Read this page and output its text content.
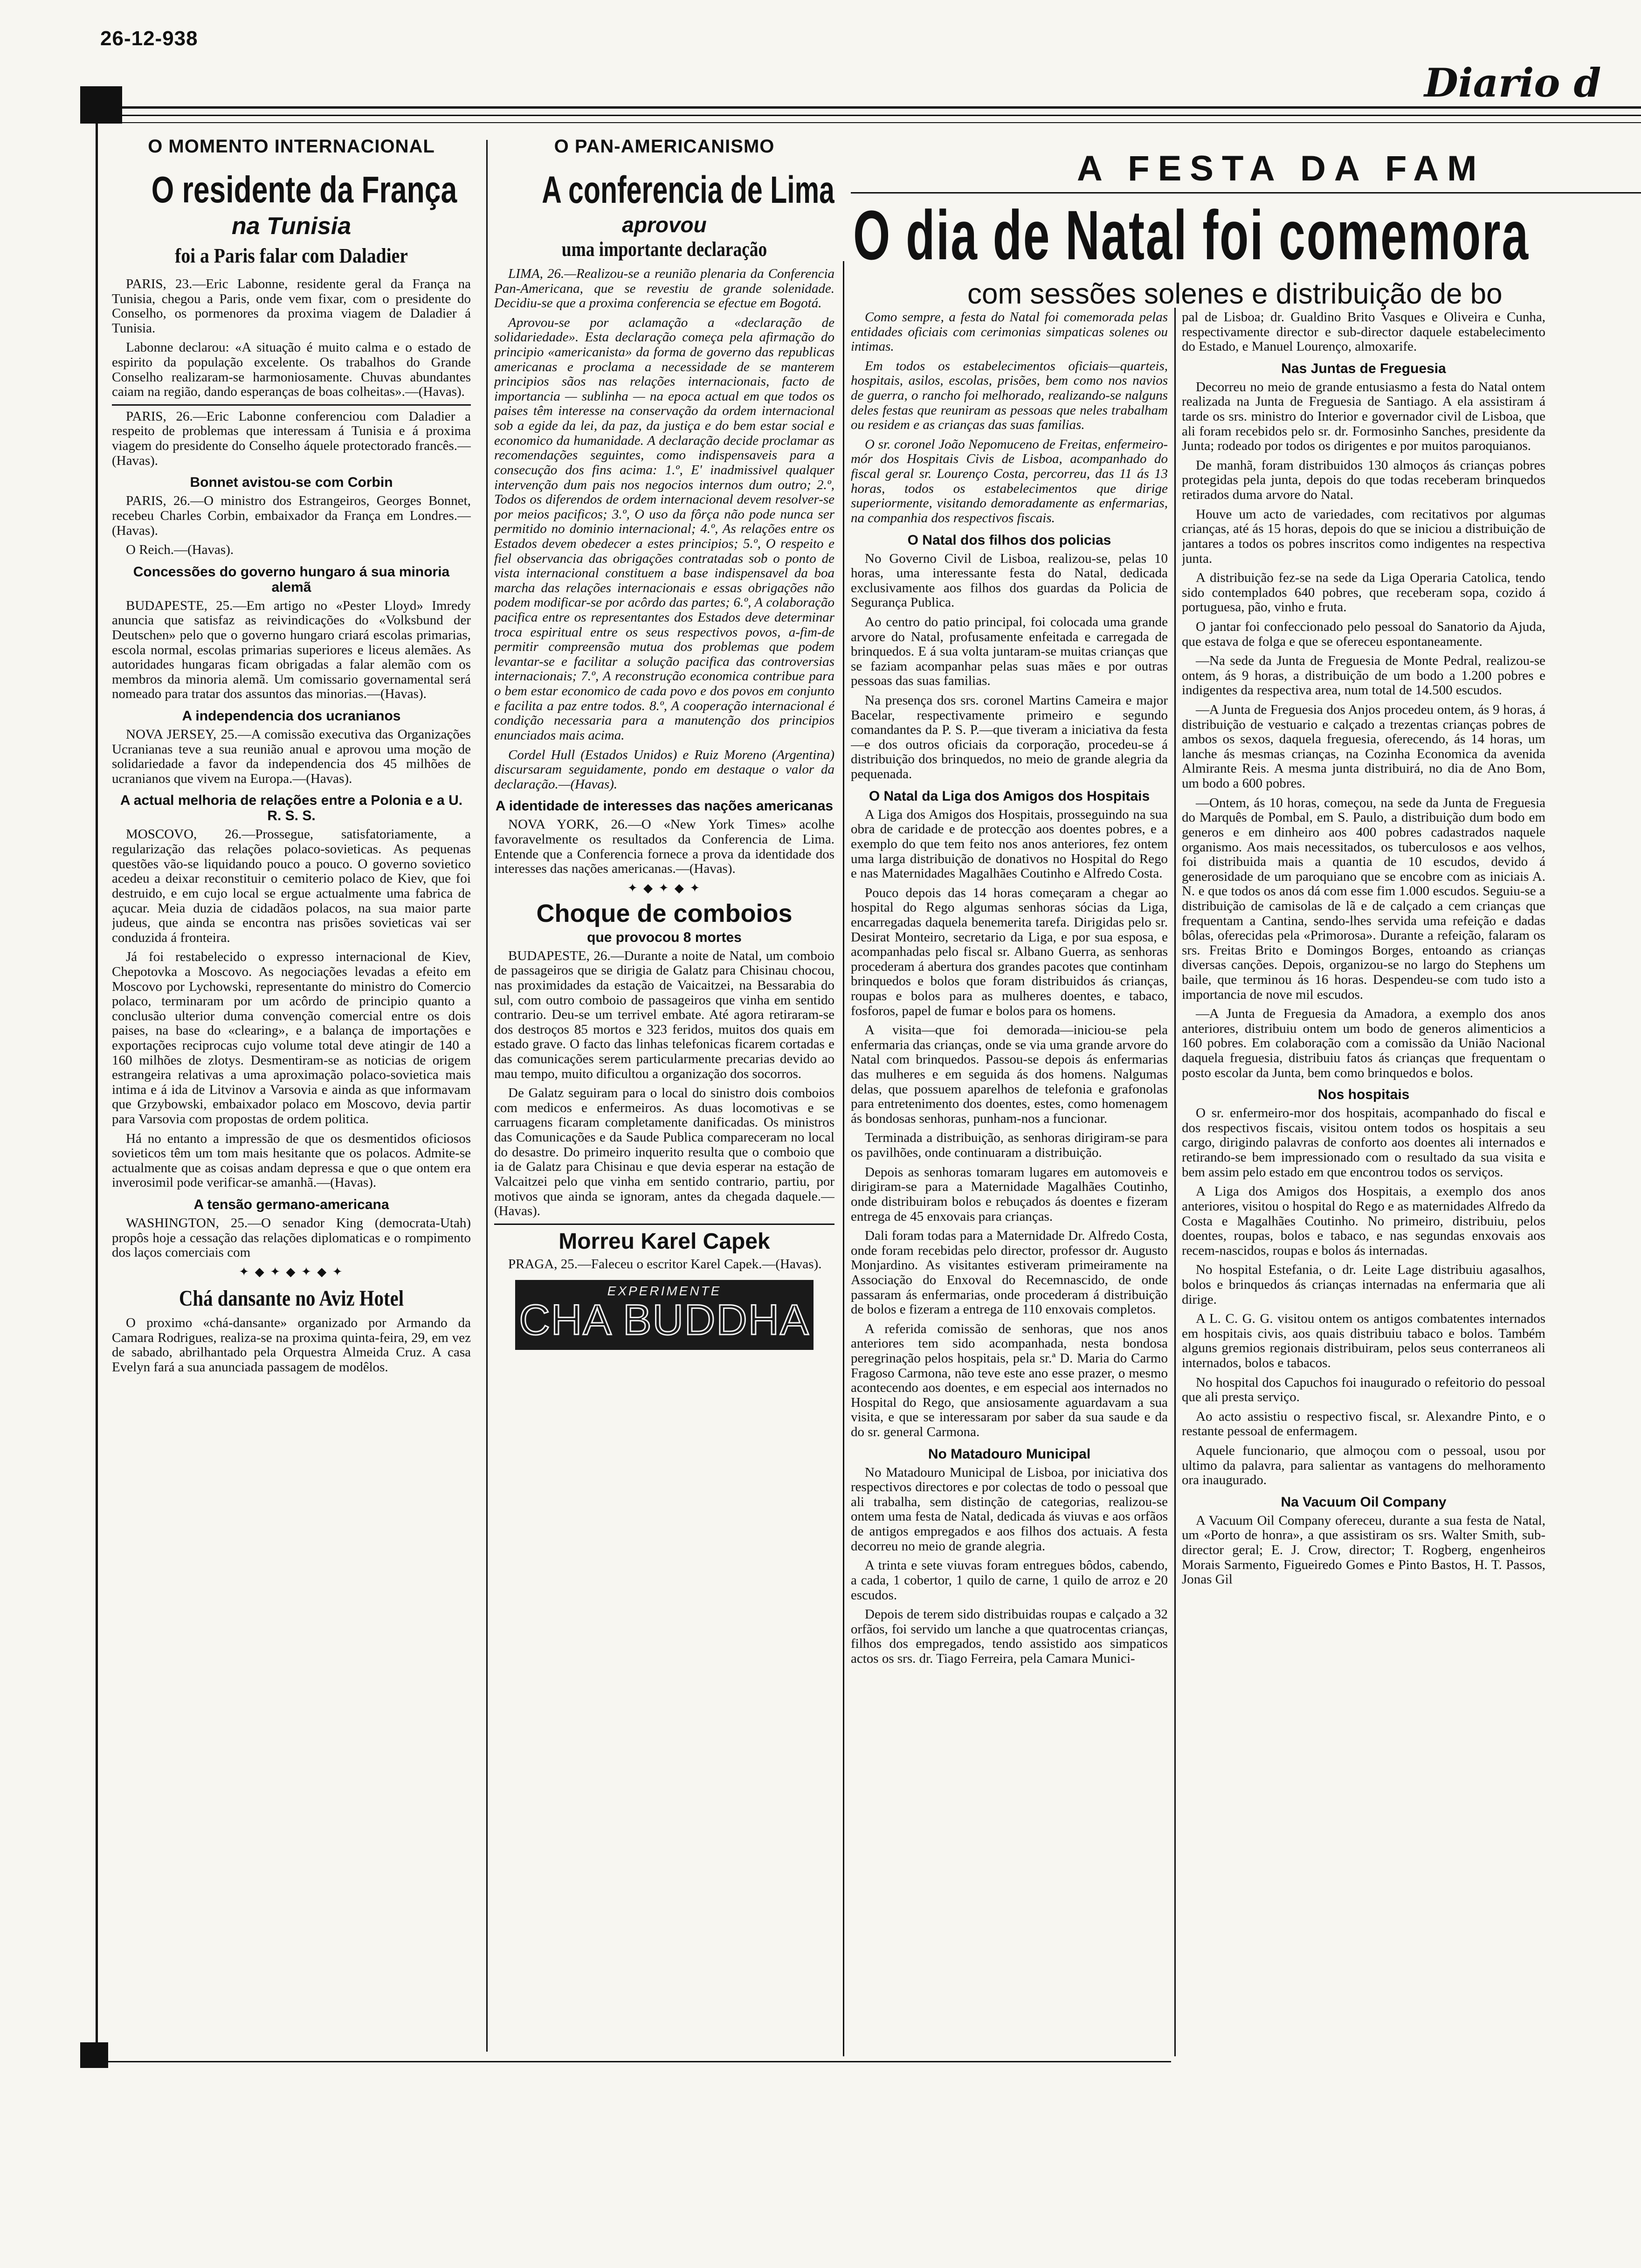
26-12-938
Diario d
O MOMENTO INTERNACIONAL
O residente da França
na Tunisia
foi a Paris falar com Daladier

PARIS, 23.—Eric Labonne, residente geral da França na Tunisia, chegou a Paris, onde vem fixar, com o presidente do Conselho, os pormenores da proxima viagem de Daladier á Tunisia.

Labonne declarou: «A situação é muito calma e o estado de espirito da população excelente. Os trabalhos do Grande Conselho realizaram-se harmoniosamente. Chuvas abundantes caiam na região, dando esperanças de boas colheitas».—(Havas).

PARIS, 26.—Eric Labonne conferenciou com Daladier a respeito de problemas que interessam á Tunisia e á proxima viagem do presidente do Conselho áquele protectorado francês.—(Havas).

Bonnet avistou-se com Corbin

PARIS, 26.—O ministro dos Estrangeiros, Georges Bonnet, recebeu Charles Corbin, embaixador da França em Londres.—(Havas).

O Reich.—(Havas).

Concessões do governo hungaro á sua minoria alemã

BUDAPESTE, 25.—Em artigo no «Pester Lloyd» Imredy anuncia que satisfaz as reivindicações do «Volksbund der Deutschen» pelo que o governo hungaro criará escolas primarias, escola normal, escolas primarias superiores e liceus alemães. As autoridades hungaras ficam obrigadas a falar alemão com os membros da minoria alemã. Um comissario governamental será nomeado para tratar dos assuntos das minorias.—(Havas).

A independencia dos ucranianos

NOVA JERSEY, 25.—A comissão executiva das Organizações Ucranianas teve a sua reunião anual e aprovou uma moção de solidariedade a favor da independencia dos 45 milhões de ucranianos que vivem na Europa.—(Havas).

A actual melhoria de relações entre a Polonia e a U. R. S. S.

MOSCOVO, 26.—Prossegue, satisfatoriamente, a regularização das relações polaco-sovieticas. As pequenas questões vão-se liquidando pouco a pouco. O governo sovietico acedeu a deixar reconstituir o cemiterio polaco de Kiev, que foi destruido, e em cujo local se ergue actualmente uma fabrica de açucar. Meia duzia de cidadãos polacos, na sua maior parte judeus, que ainda se encontra nas prisões sovieticas vai ser conduzida á fronteira.

Já foi restabelecido o expresso internacional de Kiev, Chepotovka a Moscovo. As negociações levadas a efeito em Moscovo por Lychowski, representante do ministro do Comercio polaco, terminaram por um acôrdo de principio quanto a conclusão ulterior duma convenção comercial entre os dois paises, na base do «clearing», e a balança de importações e exportações reciprocas cujo volume total deve atingir de 140 a 160 milhões de zlotys. Desmentiram-se as noticias de origem estrangeira relativas a uma aproximação polaco-sovietica mais intima e á ida de Litvinov a Varsovia e ainda as que informavam que Grzybowski, embaixador polaco em Moscovo, devia partir para Varsovia com propostas de ordem politica.

Há no entanto a impressão de que os desmentidos oficiosos sovieticos têm um tom mais hesitante que os polacos. Admite-se actualmente que as coisas andam depressa e que o que ontem era inverosimil pode verificar-se amanhã.—(Havas).

A tensão germano-americana

WASHINGTON, 25.—O senador King (democrata-Utah) propôs hoje a cessação das relações diplomaticas e o rompimento dos laços comerciais com

✦ ◆ ✦ ◆ ✦ ◆ ✦
Chá dansante no Aviz Hotel

O proximo «chá-dansante» organizado por Armando da Camara Rodrigues, realiza-se na proxima quinta-feira, 29, em vez de sabado, abrilhantado pela Orquestra Almeida Cruz. A casa Evelyn fará a sua anunciada passagem de modêlos.

O PAN-AMERICANISMO
A conferencia de Lima
aprovou
uma importante declaração

LIMA, 26.—Realizou-se a reunião plenaria da Conferencia Pan-Americana, que se revestiu de grande solenidade. Decidiu-se que a proxima conferencia se efectue em Bogotá.

Aprovou-se por aclamação a «declaração de solidariedade». Esta declaração começa pela afirmação do principio «americanista» da forma de governo das republicas americanas e proclama a necessidade de se manterem principios sãos nas relações internacionais, facto de importancia — sublinha — na epoca actual em que todos os paises têm interesse na conservação da ordem internacional sob a egide da lei, da paz, da justiça e do bem estar social e economico da humanidade. A declaração decide proclamar as recomendações seguintes, como indispensaveis para a consecução dos fins acima: 1.º, E' inadmissivel qualquer intervenção dum pais nos negocios internos dum outro; 2.º, Todos os diferendos de ordem internacional devem resolver-se por meios pacificos; 3.º, O uso da fôrça não pode nunca ser permitido no dominio internacional; 4.º, As relações entre os Estados devem obedecer a estes principios; 5.º, O respeito e fiel observancia das obrigações contratadas sob o ponto de vista internacional constituem a base indispensavel da boa marcha das relações internacionais e essas obrigações não podem modificar-se por acôrdo das partes; 6.º, A colaboração pacifica entre os representantes dos Estados deve determinar troca espiritual entre os seus respectivos povos, a-fim-de permitir compreensão mutua dos problemas que podem levantar-se e facilitar a solução pacifica das controversias internacionais; 7.º, A reconstrução economica contribue para o bem estar economico de cada povo e dos povos em conjunto e facilita a paz entre todos. 8.º, A cooperação internacional é condição necessaria para a manutenção dos principios enunciados mais acima.

Cordel Hull (Estados Unidos) e Ruiz Moreno (Argentina) discursaram seguidamente, pondo em destaque o valor da declaração.—(Havas).

A identidade de interesses das nações americanas

NOVA YORK, 26.—O «New York Times» acolhe favoravelmente os resultados da Conferencia de Lima. Entende que a Conferencia fornece a prova da identidade dos interesses das nações americanas.—(Havas).

✦ ◆ ✦ ◆ ✦
Choque de comboios
que provocou 8 mortes

BUDAPESTE, 26.—Durante a noite de Natal, um comboio de passageiros que se dirigia de Galatz para Chisinau chocou, nas proximidades da estação de Vaicaitzei, na Bessarabia do sul, com outro comboio de passageiros que vinha em sentido contrario. Deu-se um terrivel embate. Até agora retiraram-se dos destroços 85 mortos e 323 feridos, muitos dos quais em estado grave. O facto das linhas telefonicas ficarem cortadas e das comunicações serem particularmente precarias devido ao mau tempo, muito dificultou a organização dos socorros.

De Galatz seguiram para o local do sinistro dois comboios com medicos e enfermeiros. As duas locomotivas e se carruagens ficaram completamente danificadas. Os ministros das Comunicações e da Saude Publica compareceram no local do desastre. Do primeiro inquerito resulta que o comboio que ia de Galatz para Chisinau e que devia esperar na estação de Valcaitzei pelo que vinha em sentido contrario, partiu, por motivos que ainda se ignoram, antes da chegada daquele.—(Havas).

Morreu Karel Capek

PRAGA, 25.—Faleceu o escritor Karel Capek.—(Havas).

EXPERIMENTE
CHA BUDDHA
A FESTA DA FAM
O dia de Natal foi comemora
com sessões solenes e distribuição de bo

Como sempre, a festa do Natal foi comemorada pelas entidades oficiais com cerimonias simpaticas solenes ou intimas.

Em todos os estabelecimentos oficiais—quarteis, hospitais, asilos, escolas, prisões, bem como nos navios de guerra, o rancho foi melhorado, realizando-se nalguns deles festas que reuniram as pessoas que neles trabalham ou residem e as crianças das suas familias.

O sr. coronel João Nepomuceno de Freitas, enfermeiro-mór dos Hospitais Civis de Lisboa, acompanhado do fiscal geral sr. Lourenço Costa, percorreu, das 11 ás 13 horas, todos os estabelecimentos que dirige superiormente, visitando demoradamente as enfermarias, na companhia dos respectivos fiscais.

O Natal dos filhos dos policias

No Governo Civil de Lisboa, realizou-se, pelas 10 horas, uma interessante festa do Natal, dedicada exclusivamente aos filhos dos guardas da Policia de Segurança Publica.

Ao centro do patio principal, foi colocada uma grande arvore do Natal, profusamente enfeitada e carregada de brinquedos. E á sua volta juntaram-se muitas crianças que se faziam acompanhar pelas suas mães e por outras pessoas das suas familias.

Na presença dos srs. coronel Martins Cameira e major Bacelar, respectivamente primeiro e segundo comandantes da P. S. P.—que tiveram a iniciativa da festa—e dos outros oficiais da corporação, procedeu-se á distribuição dos brinquedos, no meio de grande alegria da pequenada.

O Natal da Liga dos Amigos dos Hospitais

A Liga dos Amigos dos Hospitais, prosseguindo na sua obra de caridade e de protecção aos doentes pobres, e a exemplo do que tem feito nos anos anteriores, fez ontem uma larga distribuição de donativos no Hospital do Rego e nas Maternidades Magalhães Coutinho e Alfredo Costa.

Pouco depois das 14 horas começaram a chegar ao hospital do Rego algumas senhoras sócias da Liga, encarregadas daquela benemerita tarefa. Dirigidas pelo sr. Desirat Monteiro, secretario da Liga, e por sua esposa, e acompanhadas pelo fiscal sr. Albano Guerra, as senhoras procederam á abertura dos grandes pacotes que continham brinquedos e bolos que foram distribuidos ás crianças, roupas e bolos para as mulheres doentes, e tabaco, fosforos, papel de fumar e bolos para os homens.

A visita—que foi demorada—iniciou-se pela enfermaria das crianças, onde se via uma grande arvore do Natal com brinquedos. Passou-se depois ás enfermarias das mulheres e em seguida ás dos homens. Nalgumas delas, que possuem aparelhos de telefonia e grafonolas para entretenimento dos doentes, estes, como homenagem ás bondosas senhoras, punham-nos a funcionar.

Terminada a distribuição, as senhoras dirigiram-se para os pavilhões, onde continuaram a distribuição.

Depois as senhoras tomaram lugares em automoveis e dirigiram-se para a Maternidade Magalhães Coutinho, onde distribuiram bolos e rebuçados ás doentes e fizeram entrega de 45 enxovais para crianças.

Dali foram todas para a Maternidade Dr. Alfredo Costa, onde foram recebidas pelo director, professor dr. Augusto Monjardino. As visitantes estiveram primeiramente na Associação do Enxoval do Recemnascido, de onde passaram ás enfermarias, onde procederam á distribuição de bolos e fizeram a entrega de 110 enxovais completos.

A referida comissão de senhoras, que nos anos anteriores tem sido acompanhada, nesta bondosa peregrinação pelos hospitais, pela sr.ª D. Maria do Carmo Fragoso Carmona, não teve este ano esse prazer, o mesmo acontecendo aos doentes, e em especial aos internados no Hospital do Rego, que ansiosamente aguardavam a sua visita, e que se interessaram por saber da sua saude e da do sr. general Carmona.

No Matadouro Municipal

No Matadouro Municipal de Lisboa, por iniciativa dos respectivos directores e por colectas de todo o pessoal que ali trabalha, sem distinção de categorias, realizou-se ontem uma festa de Natal, dedicada ás viuvas e aos orfãos de antigos empregados e aos filhos dos actuais. A festa decorreu no meio de grande alegria.

A trinta e sete viuvas foram entregues bôdos, cabendo, a cada, 1 cobertor, 1 quilo de carne, 1 quilo de arroz e 20 escudos.

Depois de terem sido distribuidas roupas e calçado a 32 orfãos, foi servido um lanche a que quatrocentas crianças, filhos dos empregados, tendo assistido aos simpaticos actos os srs. dr. Tiago Ferreira, pela Camara Munici-

pal de Lisboa; dr. Gualdino Brito Vasques e Oliveira e Cunha, respectivamente director e sub-director daquele estabelecimento do Estado, e Manuel Lourenço, almoxarife.

Nas Juntas de Freguesia

Decorreu no meio de grande entusiasmo a festa do Natal ontem realizada na Junta de Freguesia de Santiago. A ela assistiram á tarde os srs. ministro do Interior e governador civil de Lisboa, que ali foram recebidos pelo sr. dr. Formosinho Sanches, presidente da Junta; rodeado por todos os dirigentes e por muitos paroquianos.

De manhã, foram distribuidos 130 almoços ás crianças pobres protegidas pela junta, depois do que todas receberam brinquedos retirados duma arvore do Natal.

Houve um acto de variedades, com recitativos por algumas crianças, até ás 15 horas, depois do que se iniciou a distribuição de jantares a todos os pobres inscritos como indigentes na respectiva junta.

A distribuição fez-se na sede da Liga Operaria Catolica, tendo sido contemplados 640 pobres, que receberam sopa, cozido á portuguesa, pão, vinho e fruta.

O jantar foi confeccionado pelo pessoal do Sanatorio da Ajuda, que estava de folga e que se ofereceu espontaneamente.

—Na sede da Junta de Freguesia de Monte Pedral, realizou-se ontem, ás 9 horas, a distribuição de um bodo a 1.200 pobres e indigentes da respectiva area, num total de 14.500 escudos.

—A Junta de Freguesia dos Anjos procedeu ontem, ás 9 horas, á distribuição de vestuario e calçado a trezentas crianças pobres de ambos os sexos, daquela freguesia, oferecendo, ás 14 horas, um lanche ás mesmas crianças, na Cozinha Economica da avenida Almirante Reis. A mesma junta distribuirá, no dia de Ano Bom, um bodo a 600 pobres.

—Ontem, ás 10 horas, começou, na sede da Junta de Freguesia do Marquês de Pombal, em S. Paulo, a distribuição dum bodo em generos e em dinheiro aos 400 pobres cadastrados naquele organismo. Aos mais necessitados, os tuberculosos e aos velhos, foi distribuida mais a quantia de 10 escudos, devido á generosidade de um paroquiano que se encobre com as iniciais A. N. e que todos os anos dá com esse fim 1.000 escudos. Seguiu-se a distribuição de camisolas de lã e de calçado a cem crianças que frequentam a Cantina, sendo-lhes servida uma refeição e dadas bôlas, oferecidas pela «Primorosa». Durante a refeição, falaram os srs. Freitas Brito e Domingos Borges, entoando as crianças diversas canções. Depois, organizou-se no largo do Stephens um baile, que terminou ás 16 horas. Despendeu-se com tudo isto a importancia de nove mil escudos.

—A Junta de Freguesia da Amadora, a exemplo dos anos anteriores, distribuiu ontem um bodo de generos alimenticios a 160 pobres. Em colaboração com a comissão da União Nacional daquela freguesia, distribuiu fatos ás crianças que frequentam o posto escolar da Junta, bem como brinquedos e bolos.

Nos hospitais

O sr. enfermeiro-mor dos hospitais, acompanhado do fiscal e dos respectivos fiscais, visitou ontem todos os hospitais a seu cargo, dirigindo palavras de conforto aos doentes ali internados e retirando-se bem impressionado com o resultado da sua visita e bem assim pelo estado em que encontrou todos os serviços.

A Liga dos Amigos dos Hospitais, a exemplo dos anos anteriores, visitou o hospital do Rego e as maternidades Alfredo da Costa e Magalhães Coutinho. No primeiro, distribuiu, pelos doentes, roupas, bolos e tabaco, e nas segundas enxovais aos recem-nascidos, roupas e bolos ás internadas.

No hospital Estefania, o dr. Leite Lage distribuiu agasalhos, bolos e brinquedos ás crianças internadas na enfermaria que ali dirige.

A L. C. G. G. visitou ontem os antigos combatentes internados em hospitais civis, aos quais distribuiu tabaco e bolos. Também alguns gremios regionais distribuiram, pelos seus conterraneos ali internados, bolos e tabacos.

No hospital dos Capuchos foi inaugurado o refeitorio do pessoal que ali presta serviço.

Ao acto assistiu o respectivo fiscal, sr. Alexandre Pinto, e o restante pessoal de enfermagem.

Aquele funcionario, que almoçou com o pessoal, usou por ultimo da palavra, para salientar as vantagens do melhoramento ora inaugurado.

Na Vacuum Oil Company

A Vacuum Oil Company ofereceu, durante a sua festa de Natal, um «Porto de honra», a que assistiram os srs. Walter Smith, sub-director geral; E. J. Crow, director; T. Rogberg, engenheiros Morais Sarmento, Figueiredo Gomes e Pinto Bastos, H. T. Passos, Jonas Gil
